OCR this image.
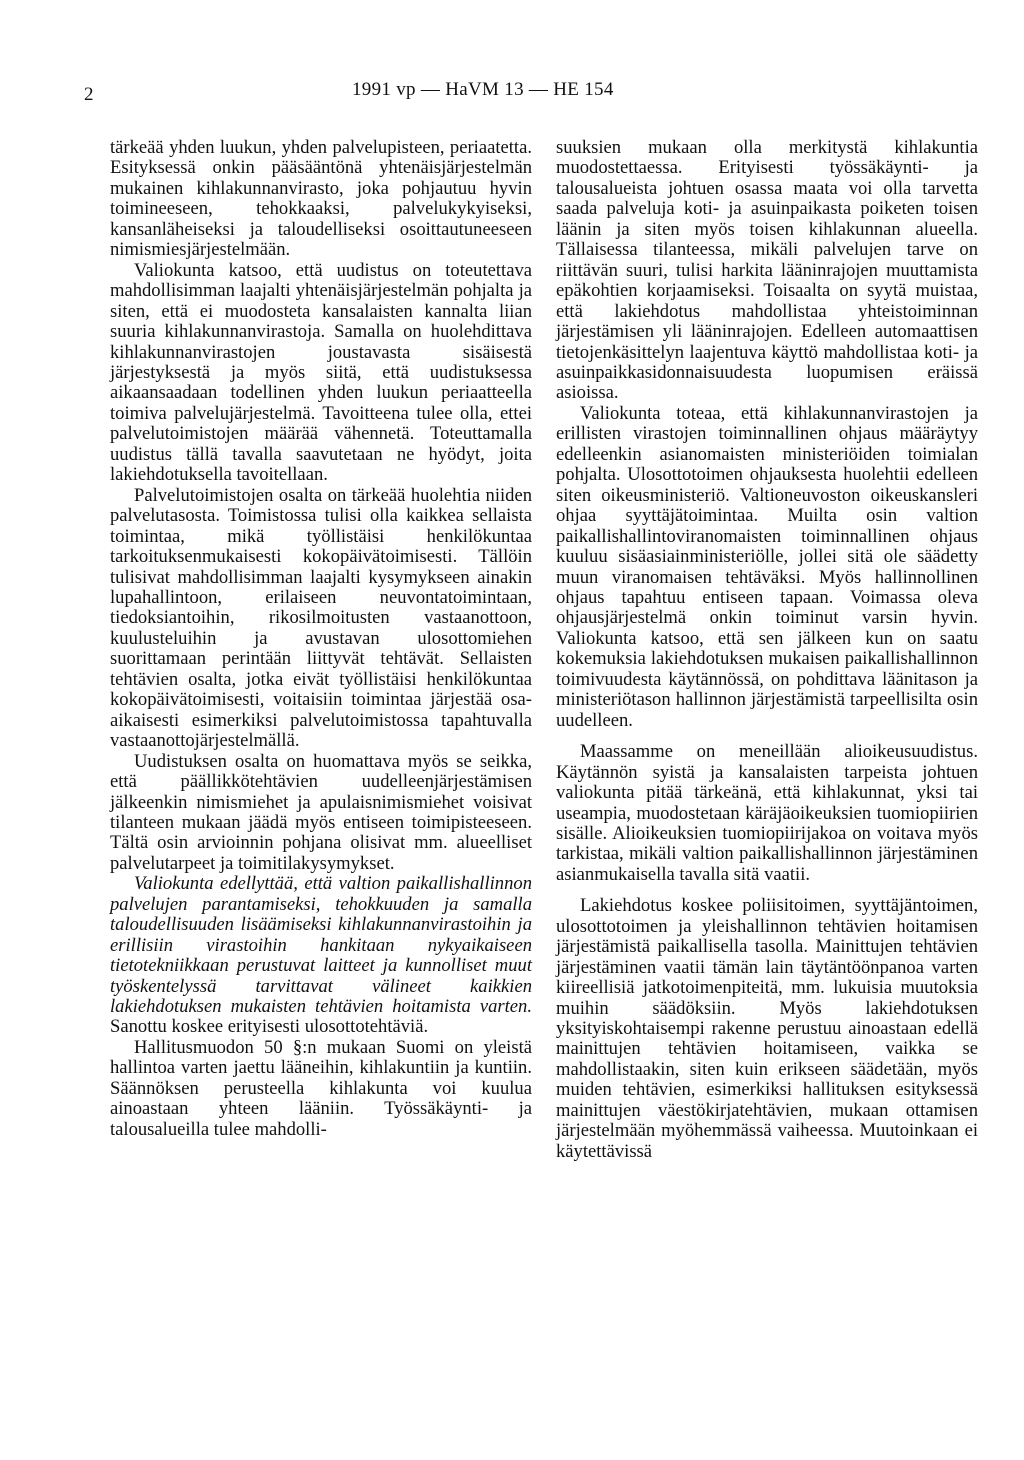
2	1991 vp — HaVM 13 — HE 154

tärkeää yhden luukun, yhden palvelupisteen, periaatetta. Esityksessä onkin pääsääntönä yhtenäisjärjestelmän mukainen kihlakunnanvirasto, joka pohjautuu hyvin toimineeseen, tehokkaaksi, palvelukykyiseksi, kansanläheiseksi ja taloudelliseksi osoittautuneeseen nimismiesjärjestelmään.

Valiokunta katsoo, että uudistus on toteutettava mahdollisimman laajalti yhtenäisjärjestelmän pohjalta ja siten, että ei muodosteta kansalaisten kannalta liian suuria kihlakunnanvirastoja. Samalla on huolehdittava kihlakunnanvirastojen joustavasta sisäisestä järjestyksestä ja myös siitä, että uudistuksessa aikaansaadaan todellinen yhden luukun periaatteella toimiva palvelujärjestelmä. Tavoitteena tulee olla, ettei palvelutoimistojen määrää vähennetä. Toteuttamalla uudistus tällä tavalla saavutetaan ne hyödyt, joita lakiehdotuksella tavoitellaan.

Palvelutoimistojen osalta on tärkeää huolehtia niiden palvelutasosta. Toimistossa tulisi olla kaikkea sellaista toimintaa, mikä työllistäisi henkilökuntaa tarkoituksenmukaisesti kokopäivätoimisesti. Tällöin tulisivat mahdollisimman laajalti kysymykseen ainakin lupahallintoon, erilaiseen neuvontatoimintaan, tiedoksiantoihin, rikosilmoitusten vastaanottoon, kuulusteluihin ja avustavan ulosottomiehen suorittamaan perintään liittyvät tehtävät. Sellaisten tehtävien osalta, jotka eivät työllistäisi henkilökuntaa kokopäivätoimisesti, voitaisiin toimintaa järjestää osa-aikaisesti esimerkiksi palvelutoimistossa tapahtuvalla vastaanottojärjestelmällä.

Uudistuksen osalta on huomattava myös se seikka, että päällikkötehtävien uudelleenjärjestämisen jälkeenkin nimismiehet ja apulaisnimismiehet voisivat tilanteen mukaan jäädä myös entiseen toimipisteeseen. Tältä osin arvioinnin pohjana olisivat mm. alueelliset palvelutarpeet ja toimitilakysymykset.

Valiokunta edellyttää, että valtion paikallishallinnon palvelujen parantamiseksi, tehokkuuden ja samalla taloudellisuuden lisäämiseksi kihlakunnanvirastoihin ja erillisiin virastoihin hankitaan nykyaikaiseen tietotekniikkaan perustuvat laitteet ja kunnolliset muut työskentelyssä tarvittavat välineet kaikkien lakiehdotuksen mukaisten tehtävien hoitamista varten. Sanottu koskee erityisesti ulosottotehtäviä.

Hallitusmuodon 50 §:n mukaan Suomi on yleistä hallintoa varten jaettu lääneihin, kihlakuntiin ja kuntiin. Säännöksen perusteella kihlakunta voi kuulua ainoastaan yhteen lääniin. Työssäkäynti- ja talousalueilla tulee mahdolli-

suuksien mukaan olla merkitystä kihlakuntia muodostettaessa. Erityisesti työssäkäynti- ja talousalueista johtuen osassa maata voi olla tarvetta saada palveluja koti- ja asuinpaikasta poiketen toisen läänin ja siten myös toisen kihlakunnan alueella. Tällaisessa tilanteessa, mikäli palvelujen tarve on riittävän suuri, tulisi harkita lääninrajojen muuttamista epäkohtien korjaamiseksi. Toisaalta on syytä muistaa, että lakiehdotus mahdollistaa yhteistoiminnan järjestämisen yli lääninrajojen. Edelleen automaattisen tietojenkäsittelyn laajentuva käyttö mahdollistaa koti- ja asuinpaikkasidonnaisuudesta luopumisen eräissä asioissa.

Valiokunta toteaa, että kihlakunnanvirastojen ja erillisten virastojen toiminnallinen ohjaus määräytyy edelleenkin asianomaisten ministeriöiden toimialan pohjalta. Ulosottotoimen ohjauksesta huolehtii edelleen siten oikeusministeriö. Valtioneuvoston oikeuskansleri ohjaa syyttäjätoimintaa. Muilta osin valtion paikallishallintoviranomaisten toiminnallinen ohjaus kuuluu sisäasiainministeriölle, jollei sitä ole säädetty muun viranomaisen tehtäväksi. Myös hallinnollinen ohjaus tapahtuu entiseen tapaan. Voimassa oleva ohjausjärjestelmä onkin toiminut varsin hyvin. Valiokunta katsoo, että sen jälkeen kun on saatu kokemuksia lakiehdotuksen mukaisen paikallishallinnon toimivuudesta käytännössä, on pohdittava läänitason ja ministeriötason hallinnon järjestämistä tarpeellisilta osin uudelleen.

Maassamme on meneillään alioikeusuudistus. Käytännön syistä ja kansalaisten tarpeista johtuen valiokunta pitää tärkeänä, että kihlakunnat, yksi tai useampia, muodostetaan käräjäoikeuksien tuomiopiirien sisälle. Alioikeuksien tuomiopiirijakoa on voitava myös tarkistaa, mikäli valtion paikallishallinnon järjestäminen asianmukaisella tavalla sitä vaatii.

Lakiehdotus koskee poliisitoimen, syyttäjäntoimen, ulosottotoimen ja yleishallinnon tehtävien hoitamisen järjestämistä paikallisella tasolla. Mainittujen tehtävien järjestäminen vaatii tämän lain täytäntöönpanoa varten kiireellisiä jatkotoimenpiteitä, mm. lukuisia muutoksia muihin säädöksiin. Myös lakiehdotuksen yksityiskohtaisempi rakenne perustuu ainoastaan edellä mainittujen tehtävien hoitamiseen, vaikka se mahdollistaakin, siten kuin erikseen säädetään, myös muiden tehtävien, esimerkiksi hallituksen esityksessä mainittujen väestökirjatehtävien, mukaan ottamisen järjestelmään myöhemmässä vaiheessa. Muutoinkaan ei käytettävissä
